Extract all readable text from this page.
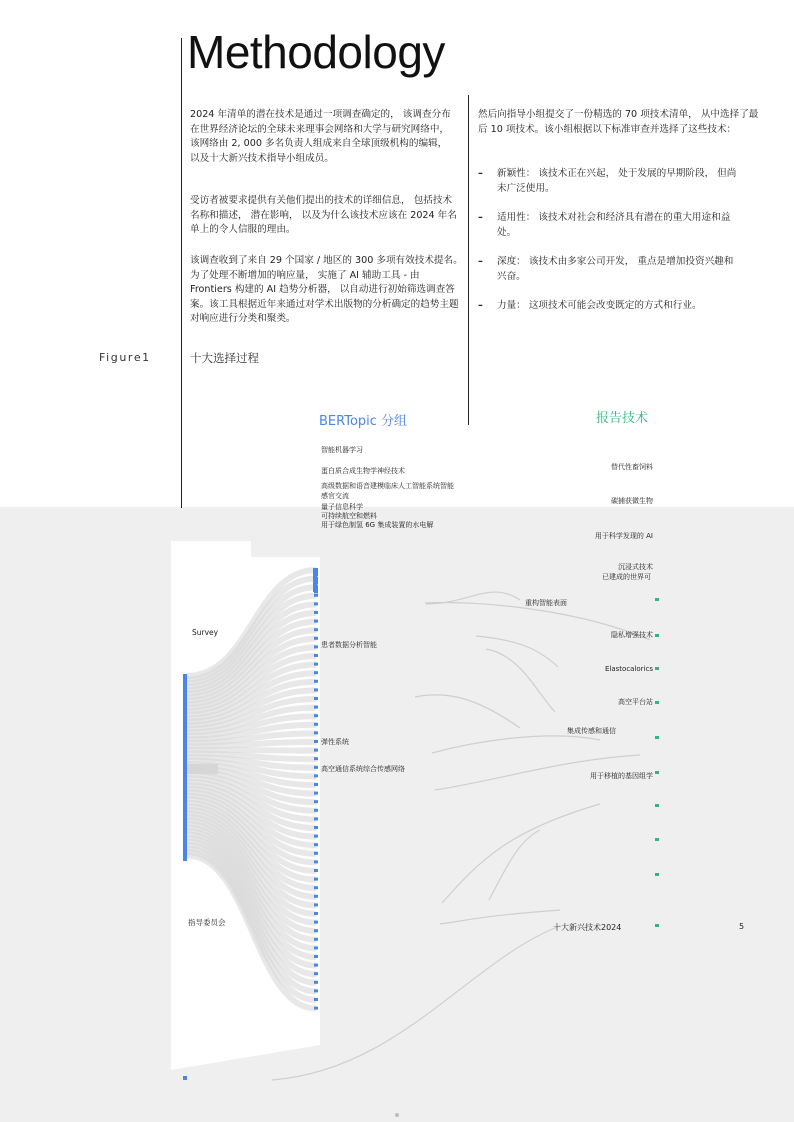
Methodology

2024 年清单的潜在技术是通过一项调查确定的， 该调查分布在世界经济论坛的全球未来理事会网络和大学与研究网络中， 该网络由 2, 000 多名负责人组成来自全球顶级机构的编辑， 以及十大新兴技术指导小组成员。

受访者被要求提供有关他们提出的技术的详细信息， 包括技术名称和描述， 潜在影响， 以及为什么该技术应该在 2024 年名单上的令人信服的理由。

该调查收到了来自 29 个国家 / 地区的 300 多项有效技术提名。为了处理不断增加的响应量， 实施了 AI 辅助工具 - 由 Frontiers 构建的 AI 趋势分析器， 以自动进行初始筛选调查答案。该工具根据近年来通过对学术出版物的分析确定的趋势主题对响应进行分类和聚类。

然后向指导小组提交了一份精选的 70 项技术清单， 从中选择了最后 10 项技术。该小组根据以下标准审查并选择了这些技术：

–	新颖性： 该技术正在兴起， 处于发展的早期阶段， 但尚未广泛使用。
–	适用性： 该技术对社会和经济具有潜在的重大用途和益处。
–	深度： 该技术由多家公司开发， 重点是增加投资兴趣和兴奋。
–	力量： 这项技术可能会改变既定的方式和行业。
Figure1	十大选择过程
BERTopic 分组	报告技术
智能机器学习
蛋白质合成生物学神经技术
高级数据和语音建模临床人工智能系统智能
感官交流
量子信息科学
可持续航空和燃料
用于绿色制氢 6G 集成装置的水电解
患者数据分析智能
弹性系统
高空通信系统综合传感网络
替代性畜饲料
碳捕获微生物
用于科学发现的 AI
沉浸式技术
已建成的世界可
重构智能表面
隐私增强技术
Elastocalorics
高空平台站
集成传感和通信
用于移植的基因组学
Survey
指导委员会
十大新兴技术2024	5
